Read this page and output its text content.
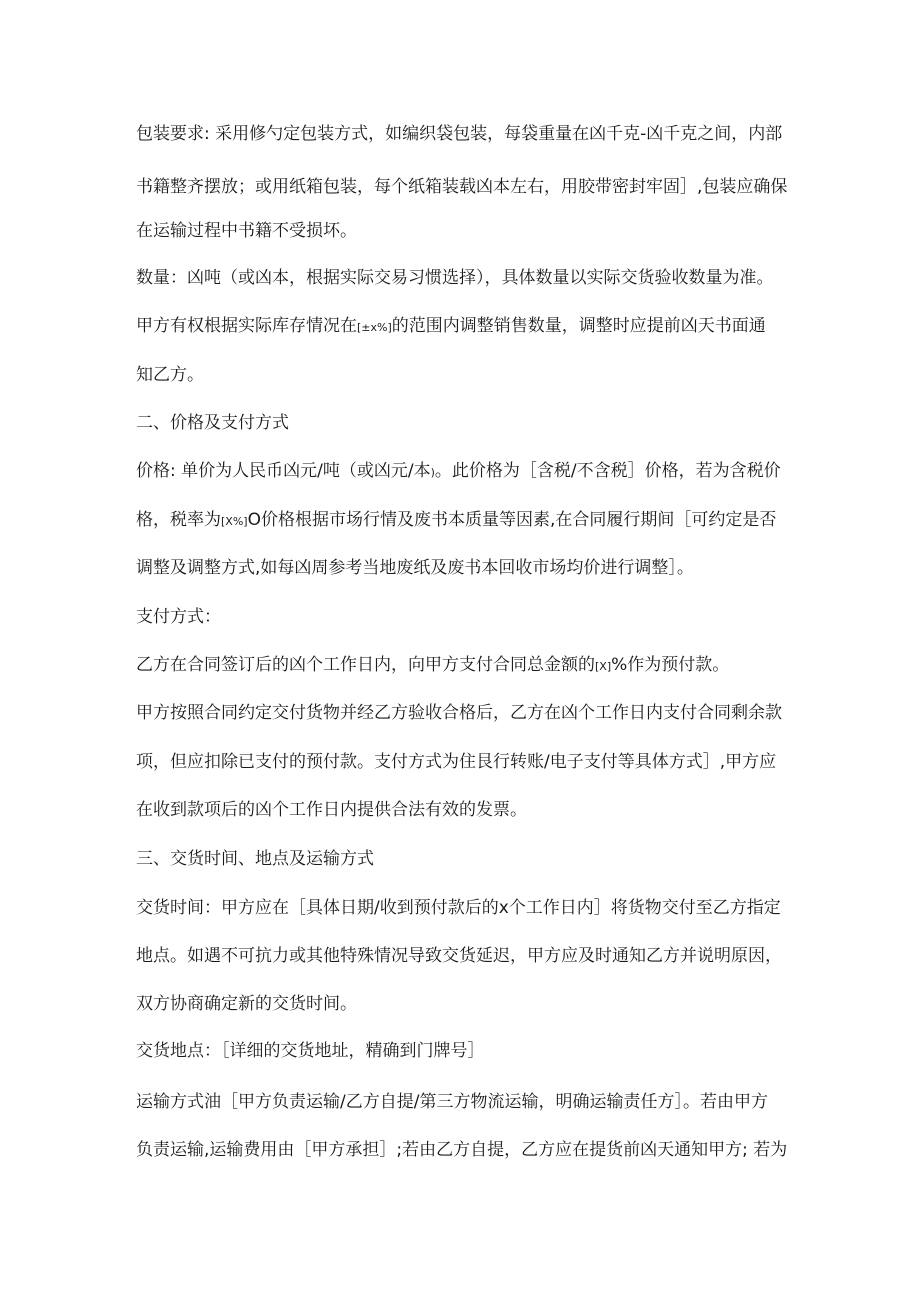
包装要求: 采用修勺定包装方式，如编织袋包装，每袋重量在凶千克-凶千克之间，内部

书籍整齐摆放；或用纸箱包装，每个纸箱装载凶本左右，用胶带密封牢固］,包装应确保

在运输过程中书籍不受损坏。

数量：凶吨（或凶本，根据实际交易习惯选择），具体数量以实际交货验收数量为准。

甲方有权根据实际库存情况在[±x%]的范围内调整销售数量，调整时应提前凶天书面通

知乙方。

二、价格及支付方式

价格: 单价为人民币凶元/吨（或凶元/本)。此价格为［含税/不含税］价格，若为含税价

格，税率为[X%]O价格根据市场行情及废书本质量等因素,在合同履行期间［可约定是否

调整及调整方式,如每凶周参考当地废纸及废书本回收市场均价进行调整］。

支付方式：

乙方在合同签订后的凶个工作日内，向甲方支付合同总金额的[X]%作为预付款。

甲方按照合同约定交付货物并经乙方验收合格后，乙方在凶个工作日内支付合同剩余款

项，但应扣除已支付的预付款。支付方式为住艮行转账/电子支付等具体方式］,甲方应

在收到款项后的凶个工作日内提供合法有效的发票。

三、交货时间、地点及运输方式

交货时间：甲方应在［具体日期/收到预付款后的x个工作日内］将货物交付至乙方指定

地点。如遇不可抗力或其他特殊情况导致交货延迟，甲方应及时通知乙方并说明原因，

双方协商确定新的交货时间。

交货地点：［详细的交货地址，精确到门牌号］

运输方式油［甲方负责运输/乙方自提/第三方物流运输，明确运输责任方］。若由甲方

负责运输,运输费用由［甲方承担］;若由乙方自提，乙方应在提货前凶天通知甲方; 若为
